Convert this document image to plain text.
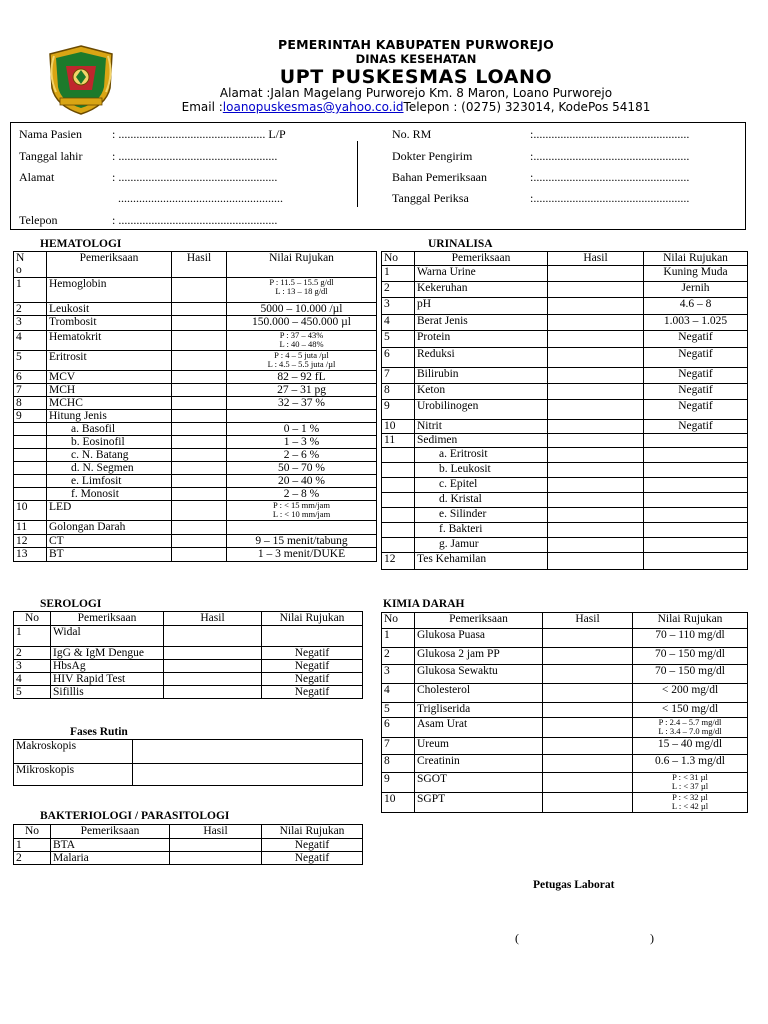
PEMERINTAH KABUPATEN PURWOREJO
DINAS KESEHATAN
UPT PUSKESMAS LOANO
Alamat :Jalan Magelang Purworejo Km. 8 Maron, Loano Purworejo
Email :loanopuskesmas@yahoo.co.idTelepon : (0275) 323014, KodePos 54181
Nama Pasien	: ................................................. L/P
Tanggal lahir : .....................................................
Alamat	: .....................................................
.......................................................
Telepon	: .....................................................
No. RM	:....................................................
Dokter Pengirim	:....................................................
Bahan Pemeriksaan	:....................................................
Tanggal Periksa	:....................................................
HEMATOLOGI
N
o	Pemeriksaan	Hasil	Nilai Rujukan
1	Hemoglobin		P : 11.5 – 15.5 g/dl
L : 13 – 18 g/dl
2	Leukosit		5000 – 10.000 /µl
3	Trombosit		150.000 – 450.000 µl
4	Hematokrit		P : 37 – 43%
L : 40 – 48%
5	Eritrosit		P : 4 – 5 juta /µl
L : 4.5 – 5.5 juta /µl
6	MCV		82 – 92 fL
7	MCH		27 – 31 pg
8	MCHC		32 – 37 %
9	Hitung Jenis		
	a. Basofil		0 – 1 %
	b. Eosinofil		1 – 3 %
	c. N. Batang		2 – 6 %
	d. N. Segmen		50 – 70 %
	e. Limfosit		20 – 40 %
	f. Monosit		2 – 8 %
10	LED		P : < 15 mm/jam
L : < 10 mm/jam
11	Golongan Darah		
12	CT		9 – 15 menit/tabung
13	BT		1 – 3 menit/DUKE
URINALISA
No	Pemeriksaan	Hasil	Nilai Rujukan
1	Warna Urine		Kuning Muda
2	Kekeruhan		Jernih
3	pH		4.6 – 8
4	Berat Jenis		1.003 – 1.025
5	Protein		Negatif
6	Reduksi		Negatif
7	Bilirubin		Negatif
8	Keton		Negatif
9	Urobilinogen		Negatif
10	Nitrit		Negatif
11	Sedimen		
	a. Eritrosit		
	b. Leukosit		
	c. Epitel		
	d. Kristal		
	e. Silinder		
	f. Bakteri		
	g. Jamur		
12	Tes Kehamilan		
SEROLOGI
No	Pemeriksaan	Hasil	Nilai Rujukan
1	Widal		
2	IgG & IgM Dengue		Negatif
3	HbsAg		Negatif
4	HIV Rapid Test		Negatif
5	Sifillis		Negatif
Fases Rutin
Makroskopis	
Mikroskopis	
BAKTERIOLOGI / PARASITOLOGI
No	Pemeriksaan	Hasil	Nilai Rujukan
1	BTA		Negatif
2	Malaria		Negatif
KIMIA DARAH
No	Pemeriksaan	Hasil	Nilai Rujukan
1	Glukosa Puasa		70 – 110 mg/dl
2	Glukosa 2 jam PP		70 – 150 mg/dl
3	Glukosa Sewaktu		70 – 150 mg/dl
4	Cholesterol		< 200 mg/dl
5	Trigliserida		< 150 mg/dl
6	Asam Urat		P : 2.4 – 5.7 mg/dl
L : 3.4 – 7.0 mg/dl
7	Ureum		15 – 40 mg/dl
8	Creatinin		0.6 – 1.3 mg/dl
9	SGOT		P : < 31 µl
L : < 37 µl
10	SGPT		P : < 32 µl
L : < 42 µl
Petugas Laborat
(	)
